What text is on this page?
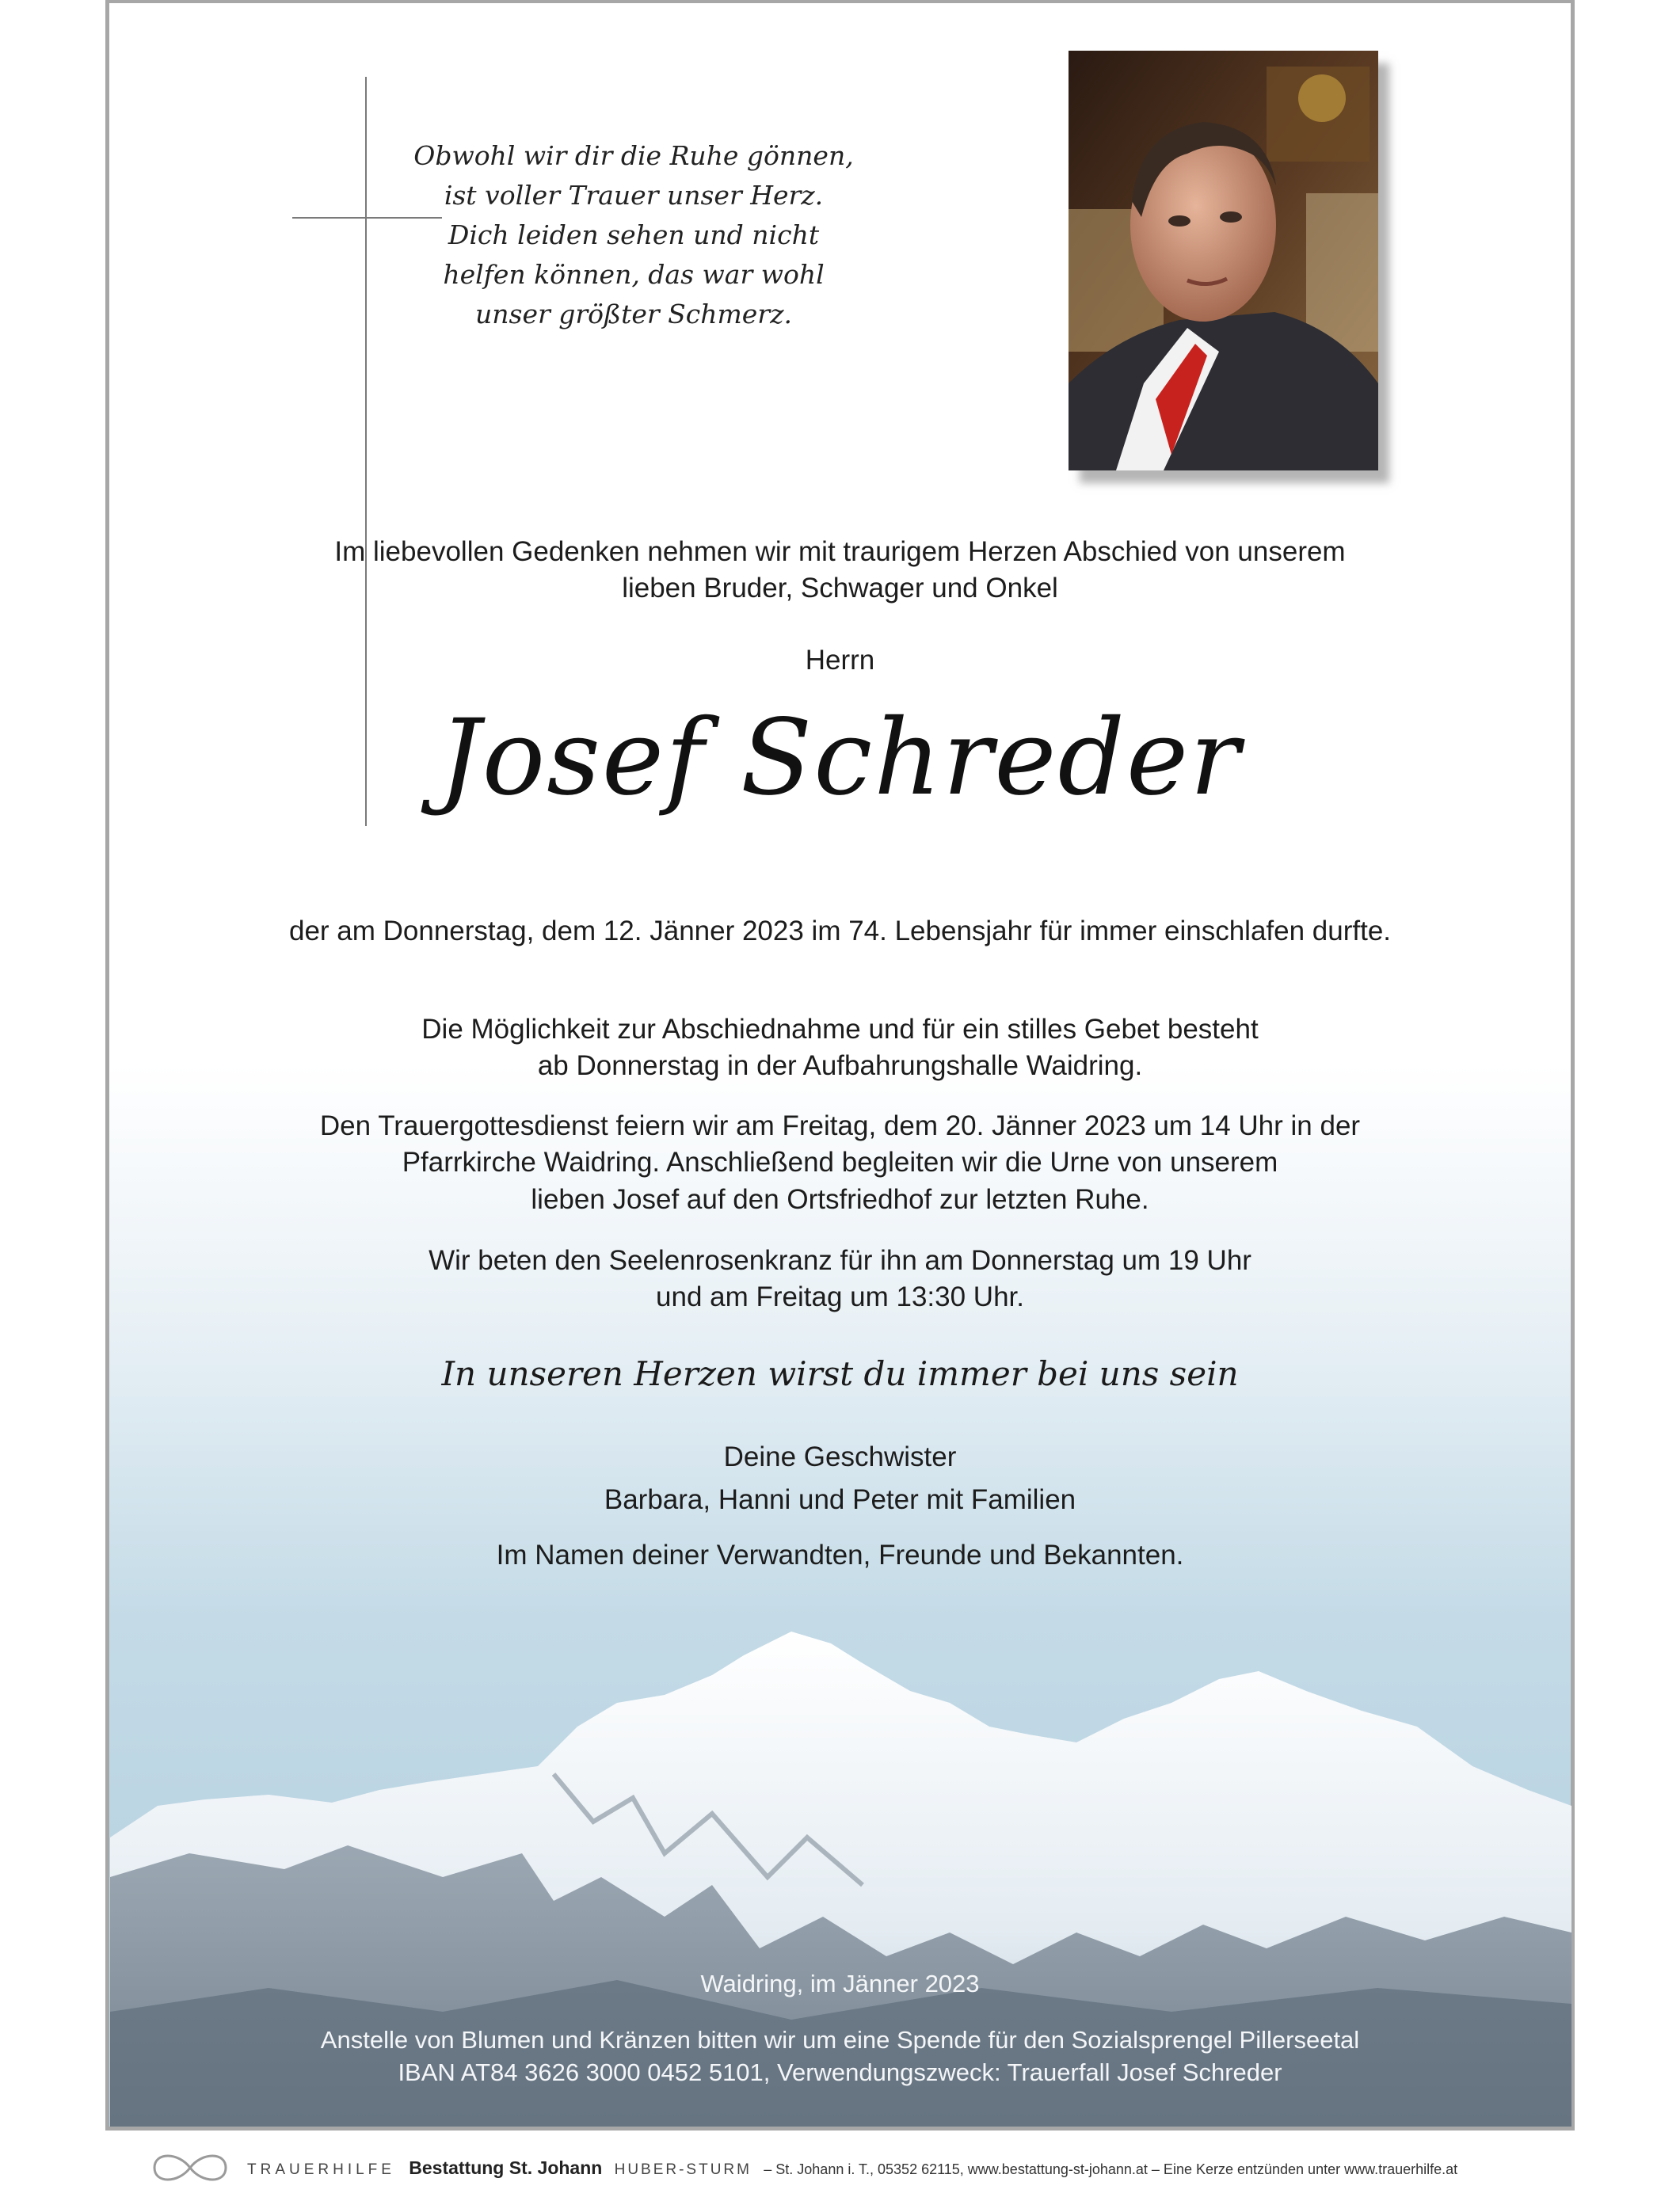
Obwohl wir dir die Ruhe gönnen,
ist voller Trauer unser Herz.
Dich leiden sehen und nicht
helfen können, das war wohl
unser größter Schmerz.
Im liebevollen Gedenken nehmen wir mit traurigem Herzen Abschied von unserem
lieben Bruder, Schwager und Onkel
Herrn
Josef Schreder
der am Donnerstag, dem 12. Jänner 2023 im 74. Lebensjahr für immer einschlafen durfte.
Die Möglichkeit zur Abschiednahme und für ein stilles Gebet besteht
ab Donnerstag in der Aufbahrungshalle Waidring.
Den Trauergottesdienst feiern wir am Freitag, dem 20. Jänner 2023 um 14 Uhr in der
Pfarrkirche Waidring. Anschließend begleiten wir die Urne von unserem
lieben Josef auf den Ortsfriedhof zur letzten Ruhe.
Wir beten den Seelenrosenkranz für ihn am Donnerstag um 19 Uhr
und am Freitag um 13:30 Uhr.
In unseren Herzen wirst du immer bei uns sein
Deine Geschwister
Barbara, Hanni und Peter mit Familien
Im Namen deiner Verwandten, Freunde und Bekannten.
Waidring, im Jänner 2023
Anstelle von Blumen und Kränzen bitten wir um eine Spende für den Sozialsprengel Pillerseetal
IBAN AT84 3626 3000 0452 5101, Verwendungszweck: Trauerfall Josef Schreder
TRAUERHILFE Bestattung St. Johann HUBER-STURM – St. Johann i. T., 05352 62115, www.bestattung-st-johann.at – Eine Kerze entzünden unter www.trauerhilfe.at
